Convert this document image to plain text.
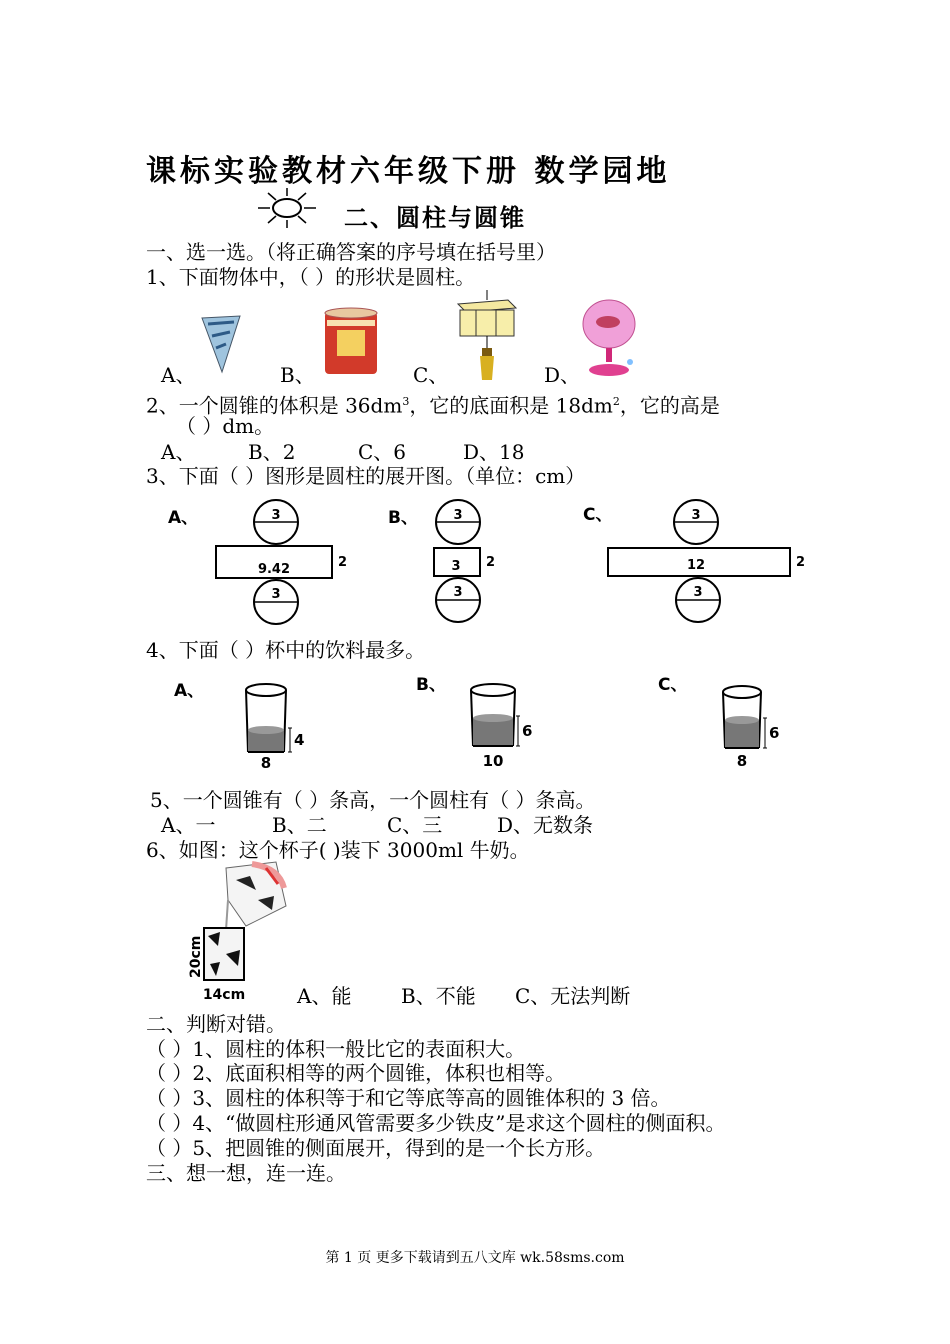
课标实验教材六年级下册 数学园地
二、圆柱与圆锥
一、选一选。（将正确答案的序号填在括号里）
1、下面物体中，（ ）的形状是圆柱。
A、	B、	C、	D、
2、一个圆锥的体积是 $36dm^3$，它的底面积是 $18dm^2$，它的高是
（ ）dm。
A、	B、2	C、6	D、18
3、下面（ ）图形是圆柱的展开图。（单位：cm）
A、	3
9.42	2
3
B、	3
3 2
3
C、	3
12	2
3
4、下面（ ）杯中的饮料最多。
A、
4
8
B、
6
10
C、
6
8
5、一个圆锥有（ ）条高，一个圆柱有（ ）条高。
A、一	B、二	C、三	D、无数条
6、如图：这个杯子( )装下 3000ml 牛奶。
20cm
14cm	A、能 B、不能 C、无法判断
二、判断对错。
（ ）1、圆柱的体积一般比它的表面积大。
（ ）2、底面积相等的两个圆锥，体积也相等。
（ ）3、圆柱的体积等于和它等底等高的圆锥体积的 3 倍。
（ ）4、“做圆柱形通风管需要多少铁皮”是求这个圆柱的侧面积。
（ ）5、把圆锥的侧面展开，得到的是一个长方形。
三、想一想，连一连。
第 1 页 更多下载请到五八文库 wk.58sms.com
